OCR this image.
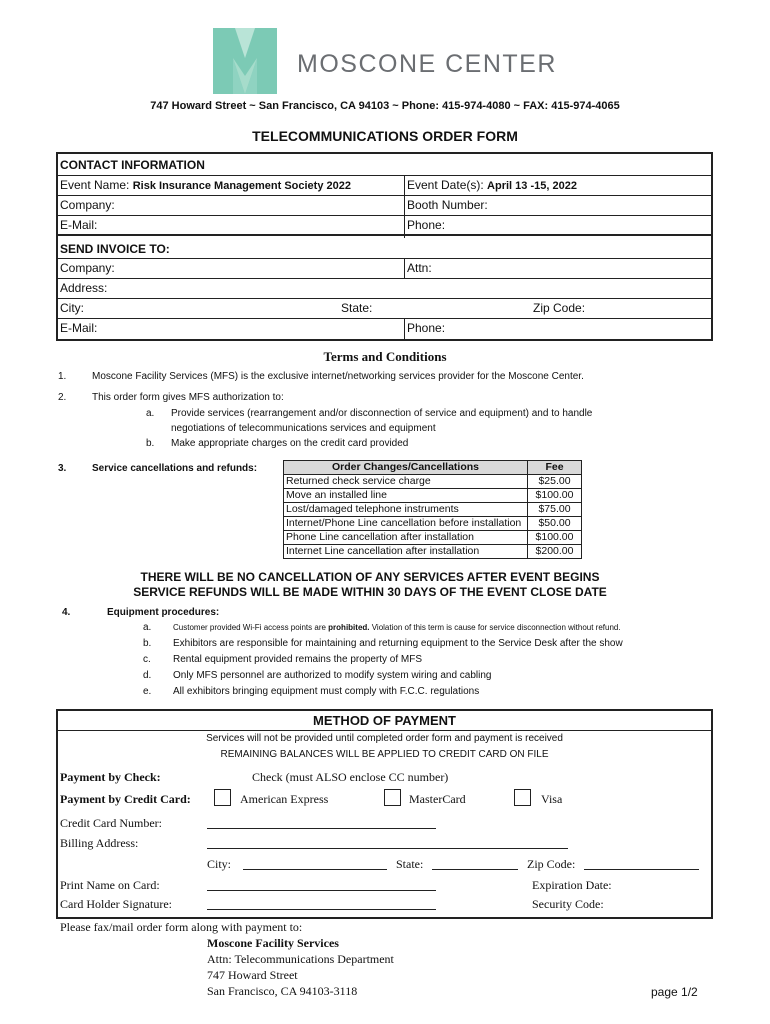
MOSCONE CENTER
747 Howard Street ~ San Francisco, CA 94103 ~ Phone: 415-974-4080 ~ FAX: 415-974-4065
TELECOMMUNICATIONS ORDER FORM
CONTACT INFORMATION
Event Name: Risk Insurance Management Society 2022	Event Date(s): April 13 -15, 2022
Company:	Booth Number:
E-Mail:	Phone:
SEND INVOICE TO:
Company:	Attn:
Address:
City:	State:	Zip Code:
E-Mail:	Phone:
Terms and Conditions
1.	Moscone Facility Services (MFS) is the exclusive internet/networking services provider for the Moscone Center.
2.	This order form gives MFS authorization to:
a. Provide services (rearrangement and/or disconnection of service and equipment) and to handle
negotiations of telecommunications services and equipment
b. Make appropriate charges on the credit card provided
3.	Service cancellations and refunds:	Order Changes/Cancellations	Fee
Returned check service charge	$25.00
Move an installed line	$100.00
Lost/damaged telephone instruments	$75.00
Internet/Phone Line cancellation before installation	$50.00
Phone Line cancellation after installation	$100.00
Internet Line cancellation after installation	$200.00
THERE WILL BE NO CANCELLATION OF ANY SERVICES AFTER EVENT BEGINS
SERVICE REFUNDS WILL BE MADE WITHIN 30 DAYS OF THE EVENT CLOSE DATE
4.	Equipment procedures:
a.	Customer provided Wi-Fi access points are prohibited. Violation of this term is cause for service disconnection without refund.
b. Exhibitors are responsible for maintaining and returning equipment to the Service Desk after the show
c. Rental equipment provided remains the property of MFS
d. Only MFS personnel are authorized to modify system wiring and cabling
e. All exhibitors bringing equipment must comply with F.C.C. regulations
METHOD OF PAYMENT
Services will not be provided until completed order form and payment is received
REMAINING BALANCES WILL BE APPLIED TO CREDIT CARD ON FILE
Payment by Check:	Check (must ALSO enclose CC number)
Payment by Credit Card:	American Express	MasterCard	Visa
Credit Card Number:
Billing Address:
City:	State:	Zip Code:
Print Name on Card:	Expiration Date:
Card Holder Signature:	Security Code:
Please fax/mail order form along with payment to:
Moscone Facility Services
Attn: Telecommunications Department
747 Howard Street
San Francisco, CA 94103-3118	page 1/2
